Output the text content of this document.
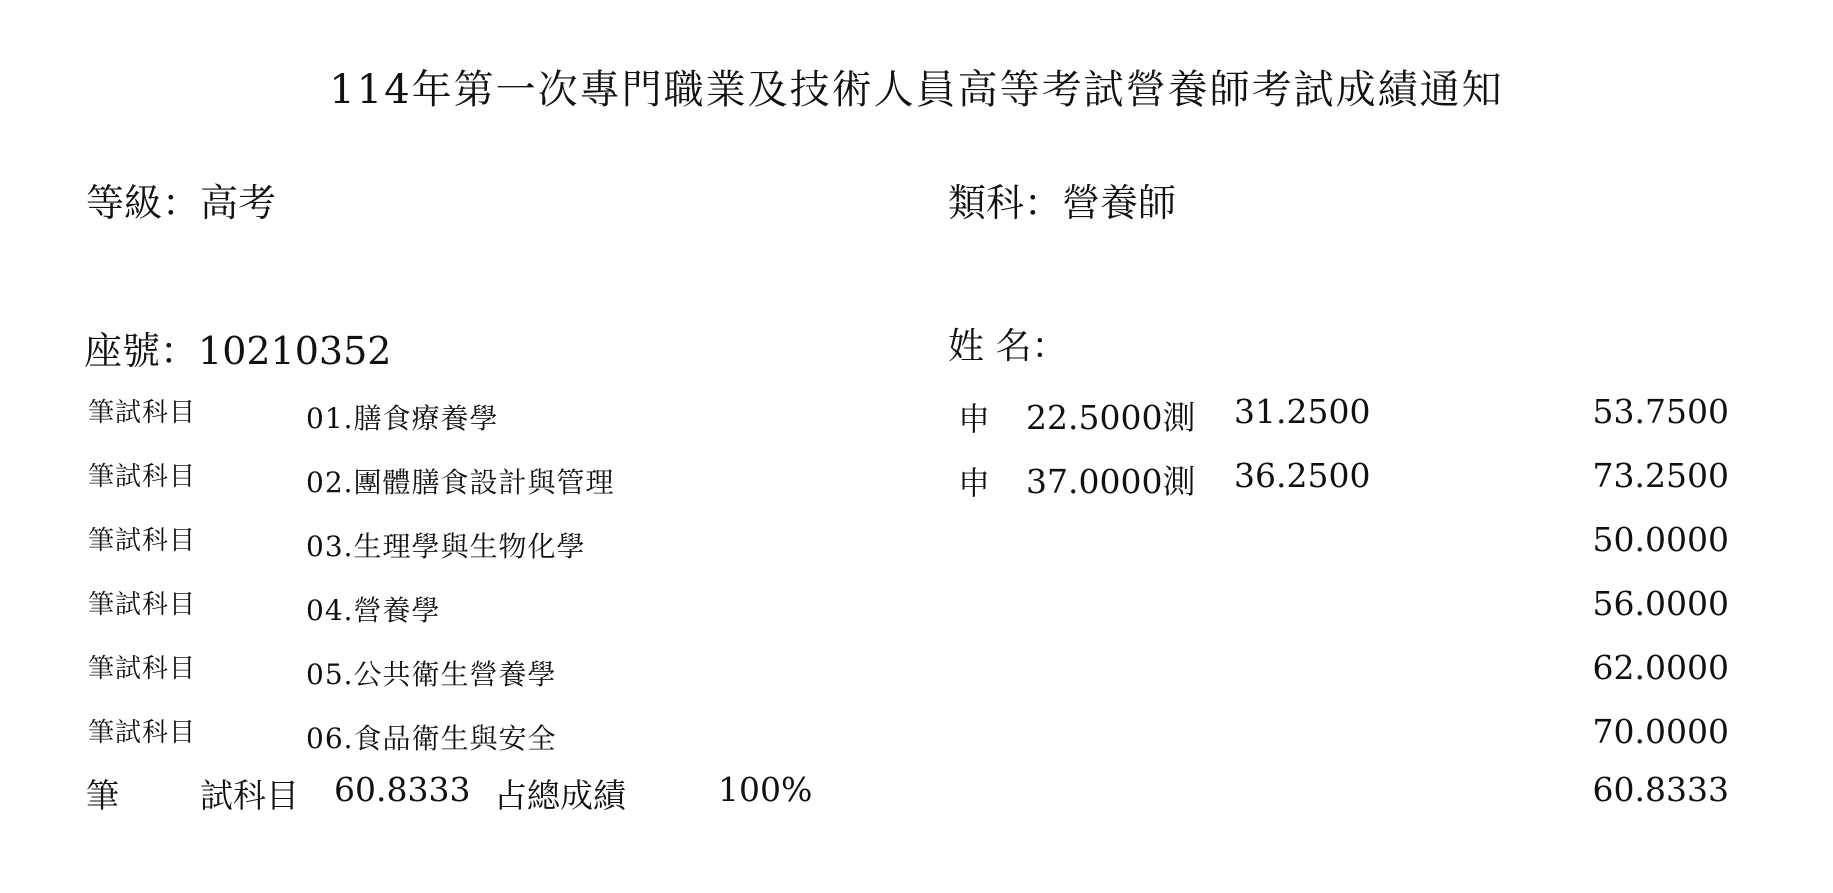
114年第一次專門職業及技術人員高等考試營養師考試成績通知
等級：高考	類科：營養師
座號：10210352	姓 名：
筆試科目	01.膳食療養學	申 22.5000測 31.2500	53.7500
筆試科目	02.團體膳食設計與管理	申 37.0000測 36.2500	73.2500
筆試科目	03.生理學與生物化學	50.0000
筆試科目	04.營養學	56.0000
筆試科目	05.公共衛生營養學	62.0000
筆試科目	06.食品衛生與安全	70.0000
筆 試科目 60.8333 占總成績	100%	60.8333
